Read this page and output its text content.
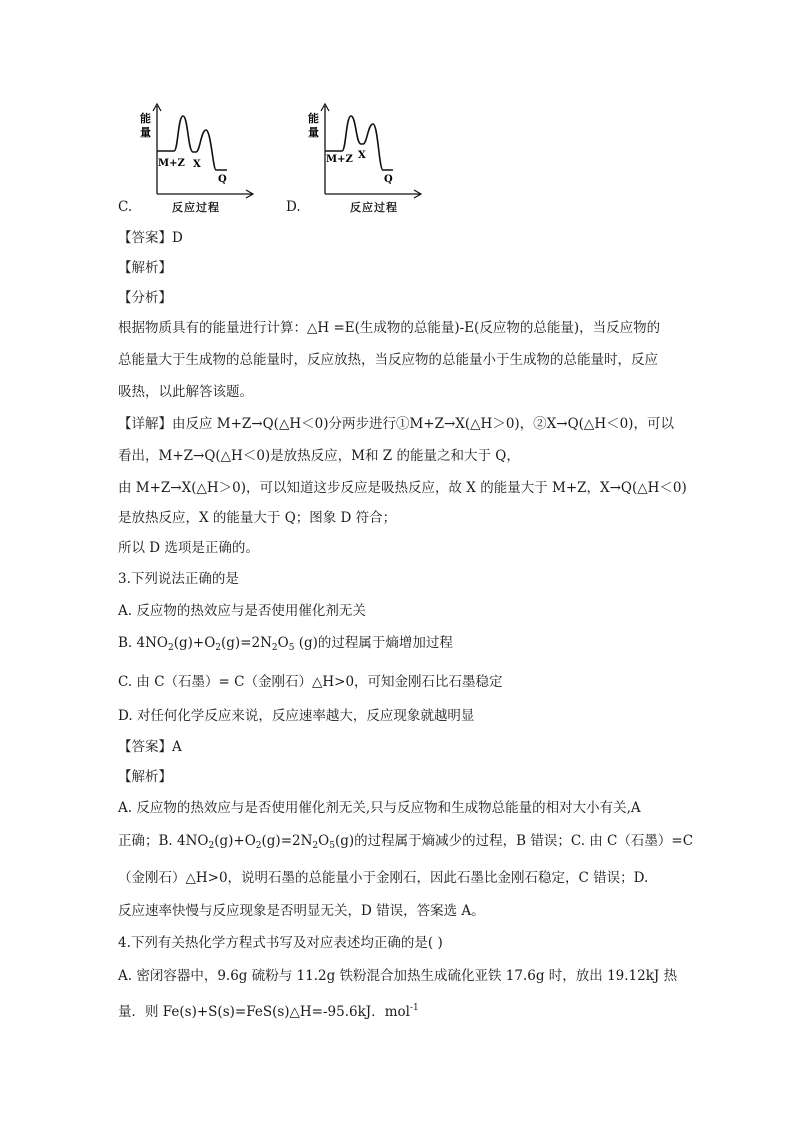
能
量
M+Z X
Q
C.	反应过程
能
量
M+Z X
Q
D.	反应过程
【答案】D
【解析】
【分析】
根据物质具有的能量进行计算：△H =E(生成物的总能量)-E(反应物的总能量)，当反应物的
总能量大于生成物的总能量时，反应放热，当反应物的总能量小于生成物的总能量时，反应
吸热，以此解答该题。
【详解】由反应 M+Z→Q(△H＜0)分两步进行①M+Z→X(△H＞0)，②X→Q(△H＜0)，可以
看出，M+Z→Q(△H＜0)是放热反应，M和 Z 的能量之和大于 Q，
由 M+Z→X(△H＞0)，可以知道这步反应是吸热反应，故 X 的能量大于 M+Z，X→Q(△H＜0)
是放热反应，X 的能量大于 Q；图象 D 符合；
所以 D 选项是正确的。
3.下列说法正确的是
A. 反应物的热效应与是否使用催化剂无关
B. $4NO_2(g)+O_2(g)=2N_2O_5$ (g)的过程属于熵增加过程
C. 由 C（石墨）= C（金刚石）△H>0，可知金刚石比石墨稳定
D. 对任何化学反应来说，反应速率越大，反应现象就越明显
【答案】A
【解析】
A. 反应物的热效应与是否使用催化剂无关,只与反应物和生成物总能量的相对大小有关,A
正确；B. $4NO_2(g)+O_2(g)=2N_2O_5(g)$的过程属于熵减少的过程，B 错误；C. 由 C（石墨）=C
（金刚石）△H>0，说明石墨的总能量小于金刚石，因此石墨比金刚石稳定，C 错误；D.
反应速率快慢与反应现象是否明显无关，D 错误，答案选 A。
4.下列有关热化学方程式书写及对应表述均正确的是( )
A. 密闭容器中，9.6g 硫粉与 11.2g 铁粉混合加热生成硫化亚铁 17.6g 时，放出 19.12kJ 热
量．则 Fe(s)+S(s)=FeS(s)△H=-95.6kJ．mol$^{-1}$
